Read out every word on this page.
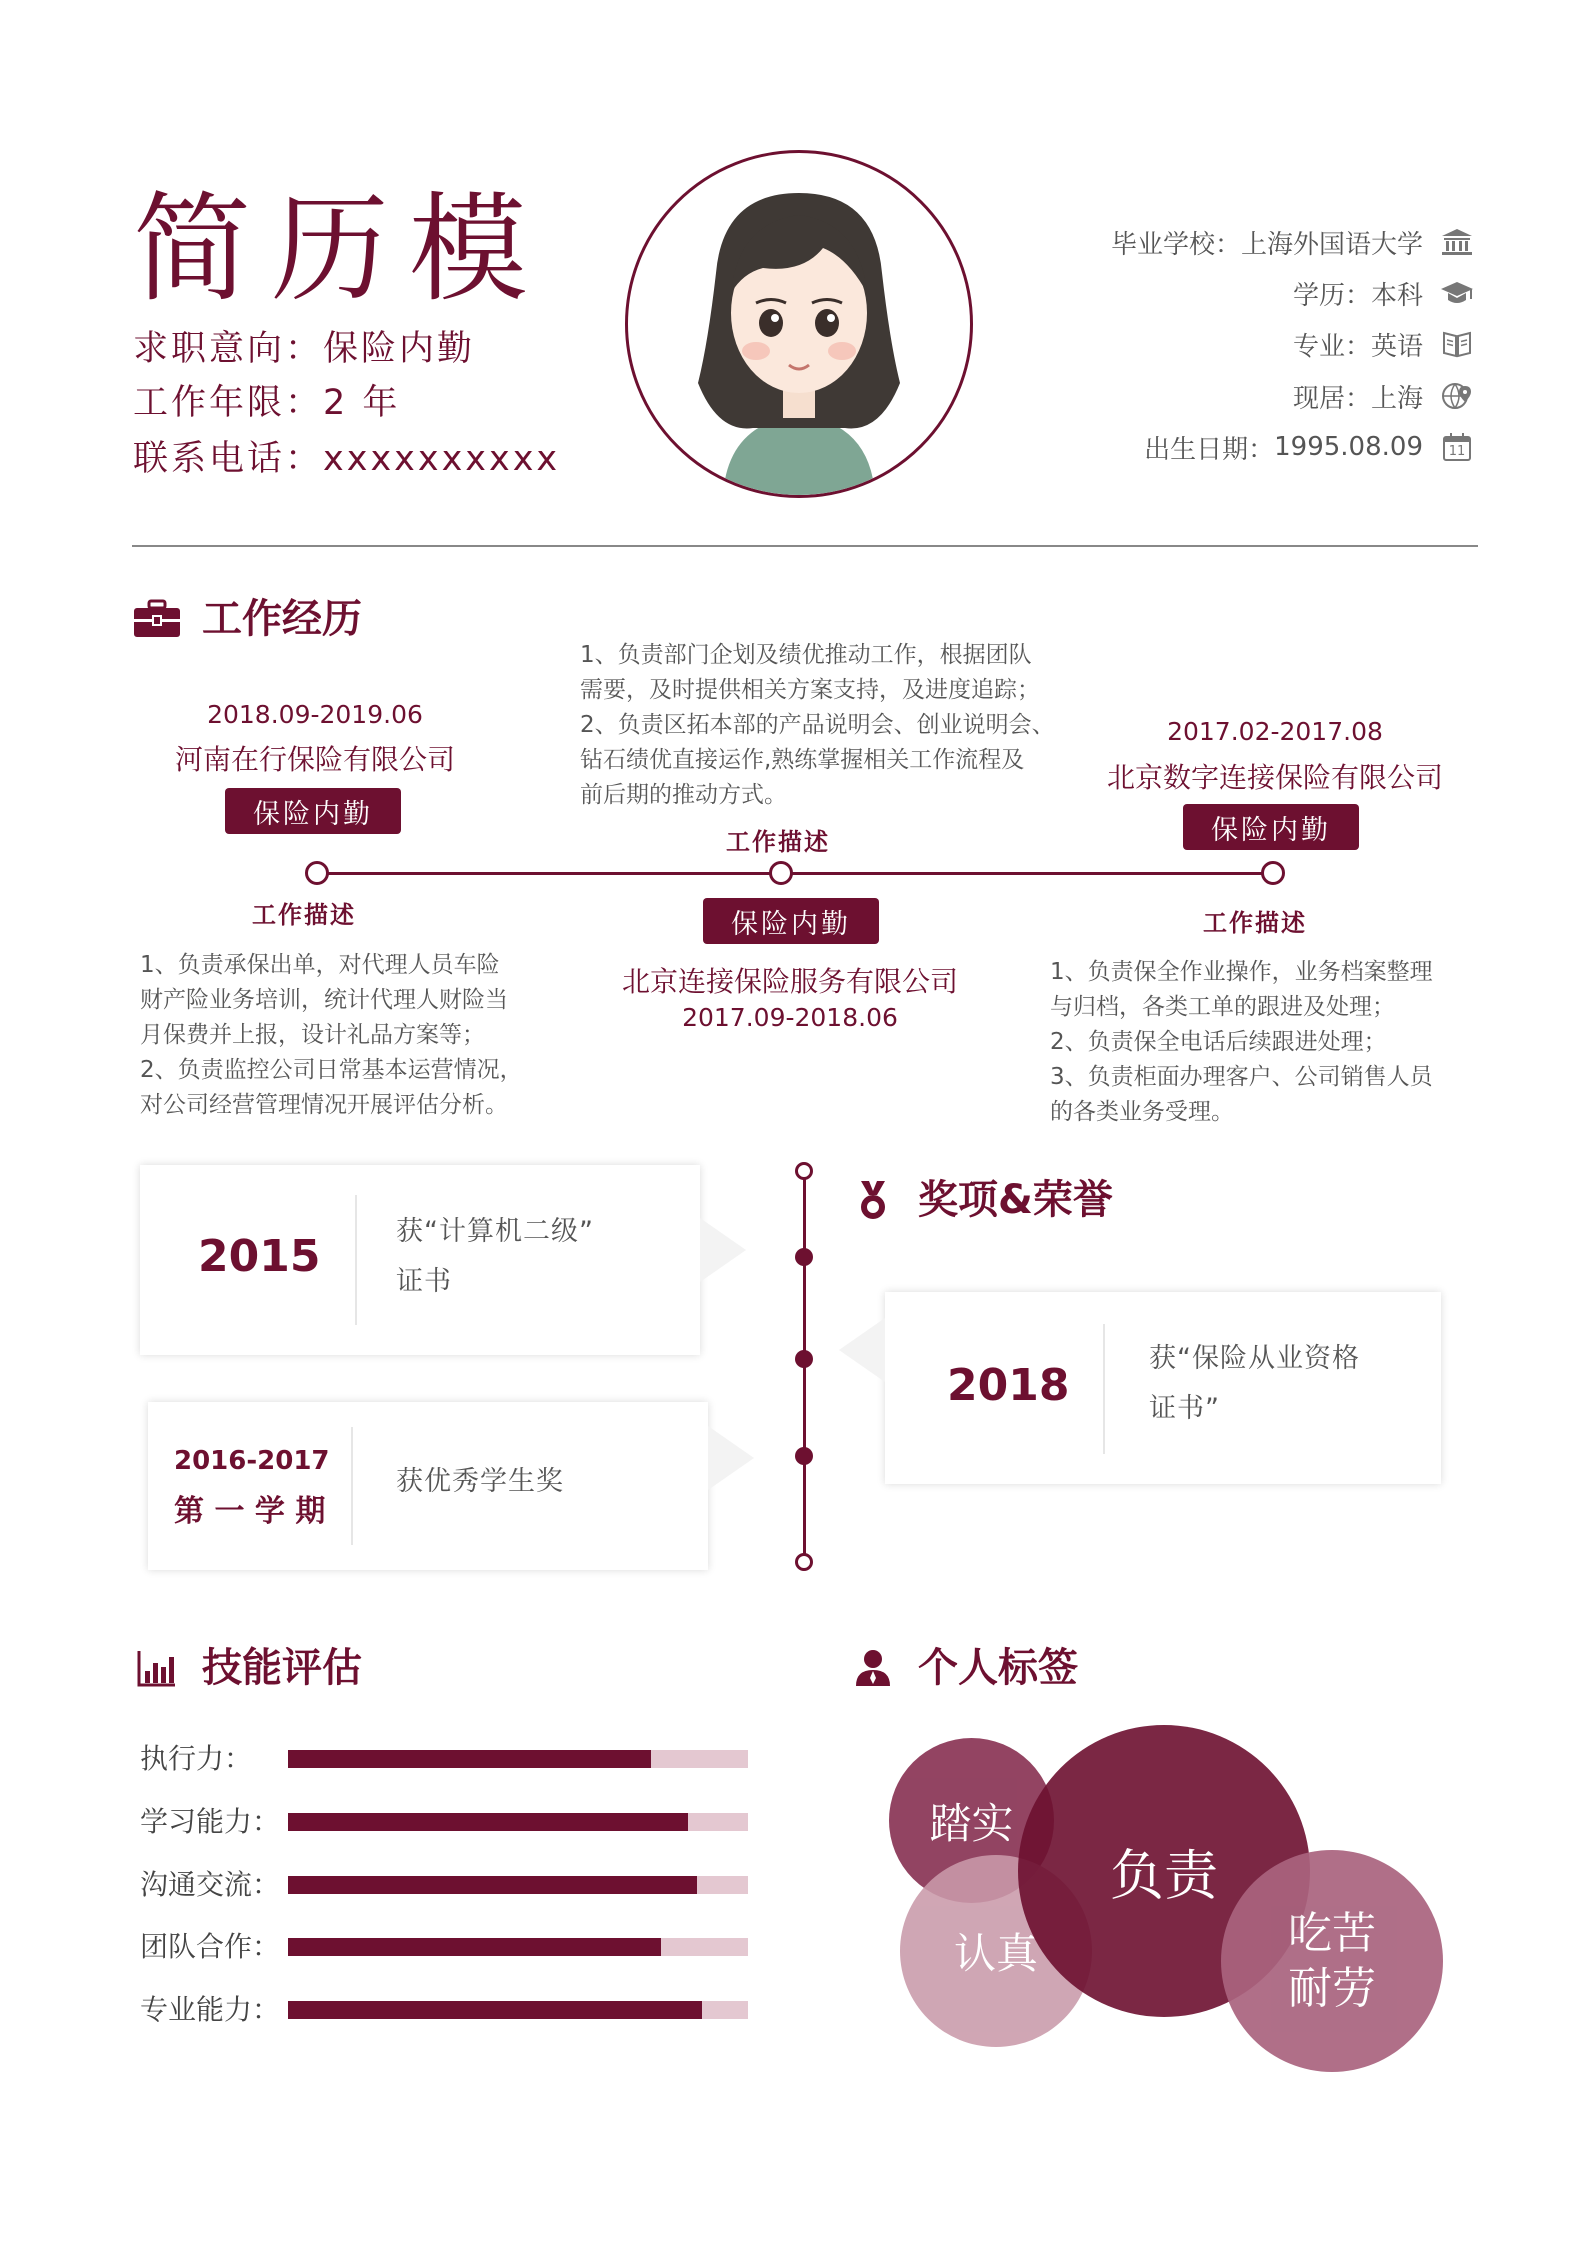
简历模
求职意向：保险内勤
工作年限：2 年
联系电话：xxxxxxxxxx
毕业学校： 上海外国语大学
学历： 本科
专业： 英语
现居： 上海
出生日期： 1995.08.09	11
工作经历
2018.09-2019.06
河南在行保险有限公司
保险内勤
工作描述
1、负责承保出单，对代理人员车险
财产险业务培训，统计代理人财险当
月保费并上报，设计礼品方案等；
2、负责监控公司日常基本运营情况，
对公司经营管理情况开展评估分析。
1、负责部门企划及绩优推动工作，根据团队
需要，及时提供相关方案支持，及进度追踪；
2、负责区拓本部的产品说明会、创业说明会、
钻石绩优直接运作,熟练掌握相关工作流程及
前后期的推动方式。
工作描述
保险内勤
北京连接保险服务有限公司
2017.09-2018.06
2017.02-2017.08
北京数字连接保险有限公司
保险内勤
工作描述
1、负责保全作业操作，业务档案整理
与归档，各类工单的跟进及处理；
2、负责保全电话后续跟进处理；
3、负责柜面办理客户、公司销售人员
的各类业务受理。
奖项&荣誉
2015	获“计算机二级”
证书
2018
获“保险从业资格
证书”
2016-2017
第 一 学 期
获优秀学生奖
技能评估
执行力：
学习能力：
沟通交流：
团队合作：
专业能力：
个人标签
踏实
认真
负责
吃苦耐劳
